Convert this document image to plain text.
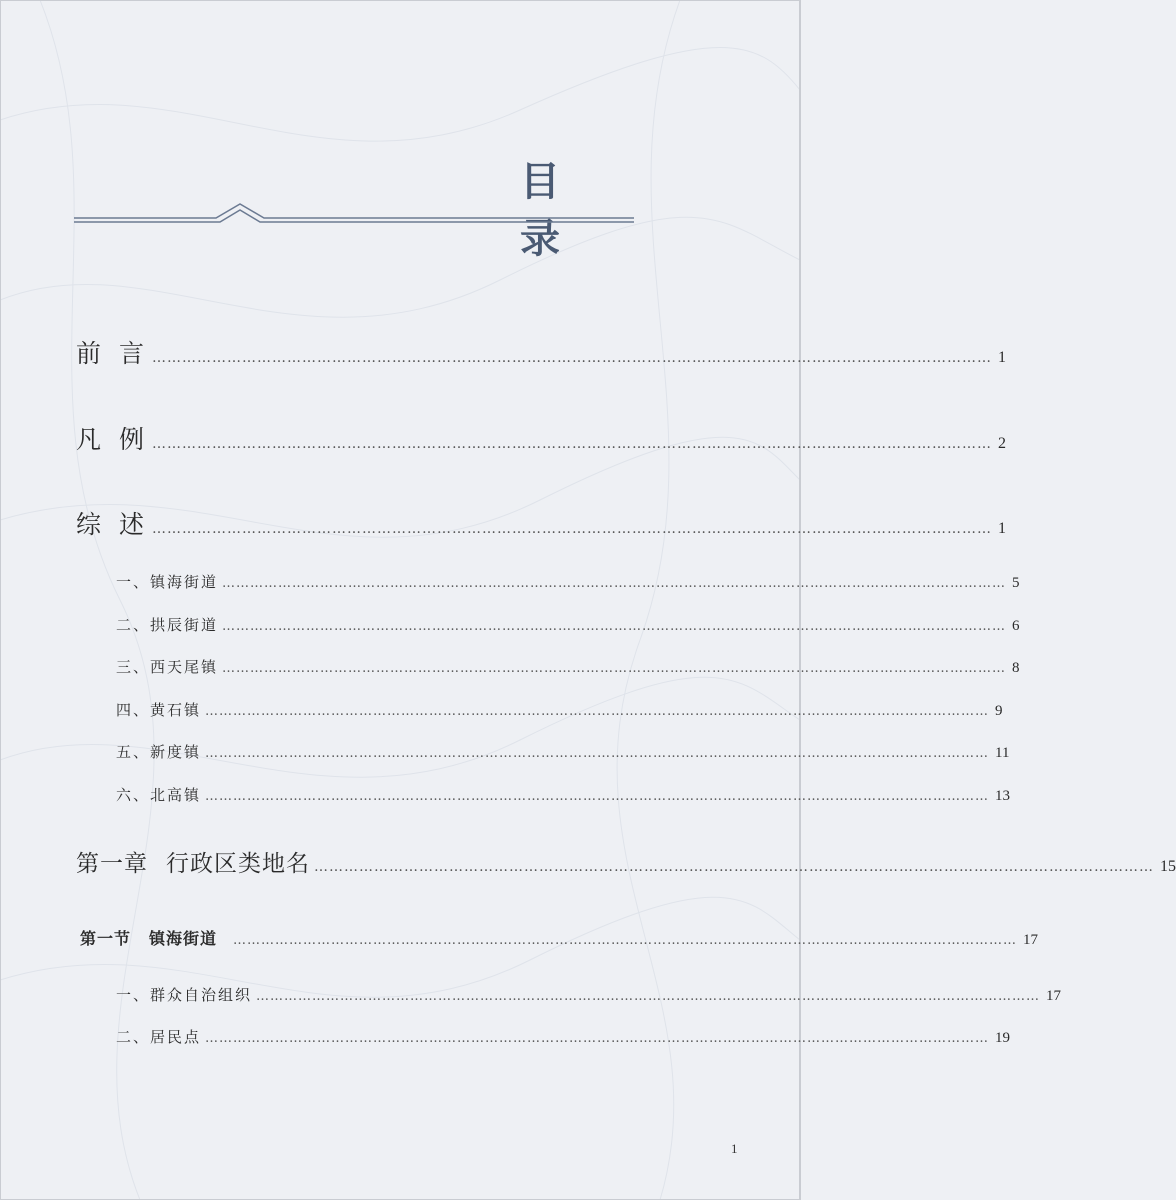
目 录
前言
…………………………………………………………………………………………………………………………………………………… 1
凡例
…………………………………………………………………………………………………………………………………………………… 2
综述
…………………………………………………………………………………………………………………………………………………… 1
一、镇海街道 …………………………………………………………………………………………………………………………………………………… 5
二、拱辰街道 …………………………………………………………………………………………………………………………………………………… 6
三、西天尾镇 …………………………………………………………………………………………………………………………………………………… 8
四、黄石镇 …………………………………………………………………………………………………………………………………………………… 9
五、新度镇 …………………………………………………………………………………………………………………………………………………… 11
六、北高镇 …………………………………………………………………………………………………………………………………………………… 13
第一章 行政区类地名 …………………………………………………………………………………………………………………………………………………… 15
第一节 镇海街道 …………………………………………………………………………………………………………………………………………………… 17
一、群众自治组织 …………………………………………………………………………………………………………………………………………………… 17
二、居民点 …………………………………………………………………………………………………………………………………………………… 19
1
